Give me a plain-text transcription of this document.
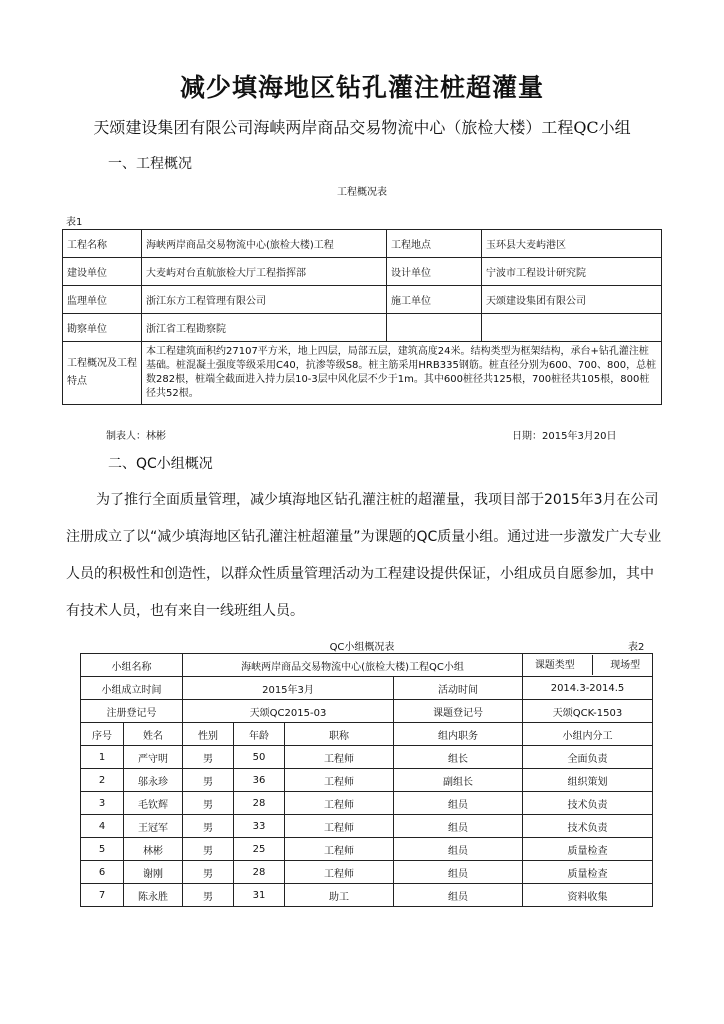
减少填海地区钻孔灌注桩超灌量
天颂建设集团有限公司海峡两岸商品交易物流中心（旅检大楼）工程QC小组
一、工程概况
工程概况表
表1
工程名称	海峡两岸商品交易物流中心(旅检大楼)工程	工程地点	玉环县大麦屿港区
建设单位	大麦屿对台直航旅检大厅工程指挥部	设计单位	宁波市工程设计研究院
监理单位	浙江东方工程管理有限公司	施工单位	天颂建设集团有限公司
勘察单位	浙江省工程勘察院		
工程概况及工程特点	本工程建筑面积约27107平方米，地上四层，局部五层，建筑高度24米。结构类型为框架结构，承台+钻孔灌注桩基础。桩混凝土强度等级采用C40，抗渗等级S8。桩主筋采用HRB335钢筋。桩直径分别为600、700、800，总桩数282根，桩端全截面进入持力层10-3层中风化层不少于1m。其中600桩径共125根，700桩径共105根，800桩径共52根。		
制表人：林彬	日期：2015年3月20日
二、QC小组概况
为了推行全面质量管理，减少填海地区钻孔灌注桩的超灌量，我项目部于2015年3月在公司注册成立了以“减少填海地区钻孔灌注桩超灌量”为课题的QC质量小组。通过进一步激发广大专业人员的积极性和创造性，以群众性质量管理活动为工程建设提供保证，小组成员自愿参加，其中有技术人员，也有来自一线班组人员。
QC小组概况表	表2
小组名称		海峡两岸商品交易物流中心(旅检大楼)工程QC小组				课题类型 现场型
小组成立时间		2015年3月			活动时间	2014.3-2014.5
注册登记号		天颂QC2015-03			课题登记号	天颂QCK-1503
序号	姓名	性别	年龄	职称	组内职务	小组内分工
1	严守明	男	50	工程师	组长	全面负责
2	邬永珍	男	36	工程师	副组长	组织策划
3	毛钦辉	男	28	工程师	组员	技术负责
4	王冠军	男	33	工程师	组员	技术负责
5	林彬	男	25	工程师	组员	质量检查
6	谢刚	男	28	工程师	组员	质量检查
7	陈永胜	男	31	助工	组员	资料收集
